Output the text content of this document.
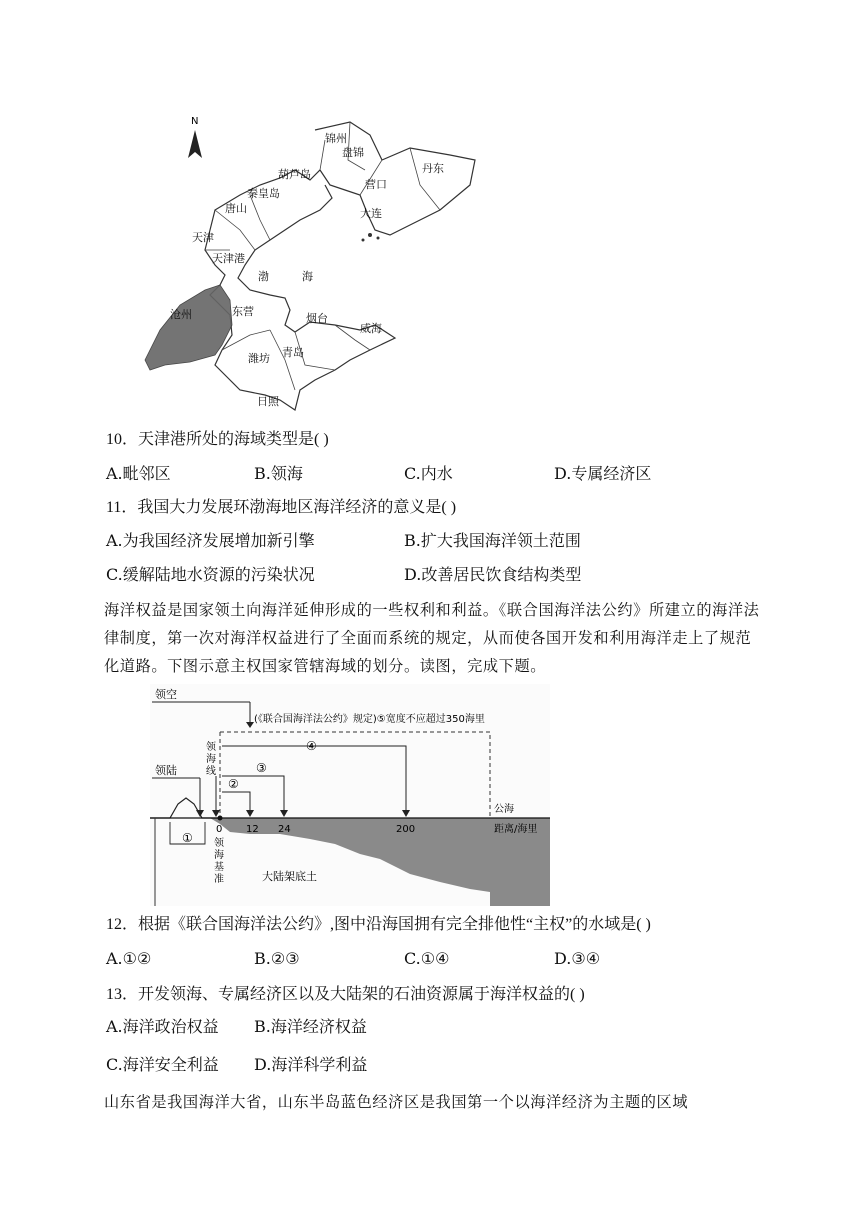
N
锦州
盘锦
丹东
葫芦岛
秦皇岛
营口
唐山	大连
天津
天津港
渤	海
沧州	东营
烟台
威海
潍坊 青岛
日照
10．天津港所处的海域类型是( )
A.毗邻区	B.领海	C.内水	D.专属经济区
11．我国大力发展环渤海地区海洋经济的意义是( )
A.为我国经济发展增加新引擎	B.扩大我国海洋领土范围
C.缓解陆地水资源的污染状况	D.改善居民饮食结构类型
海洋权益是国家领土向海洋延伸形成的一些权利和利益。《联合国海洋法公约》所建立的海洋法律制度，第一次对海洋权益进行了全面而系统的规定，从而使各国开发和利用海洋走上了规范化道路。下图示意主权国家管辖海域的划分。读图，完成下题。
领空
(《联合国海洋法公约》规定)⑤宽度不应超过350海里
④
③
②
领陆
领
海
线
0 12 24	200
① 领
海
基
准
公海
距离/海里
大陆架底土
12．根据《联合国海洋法公约》,图中沿海国拥有完全排他性“主权”的水域是( )
A.①②	B.②③	C.①④	D.③④
13．开发领海、专属经济区以及大陆架的石油资源属于海洋权益的( )
A.海洋政治权益 B.海洋经济权益
C.海洋安全利益 D.海洋科学利益
山东省是我国海洋大省，山东半岛蓝色经济区是我国第一个以海洋经济为主题的区域
